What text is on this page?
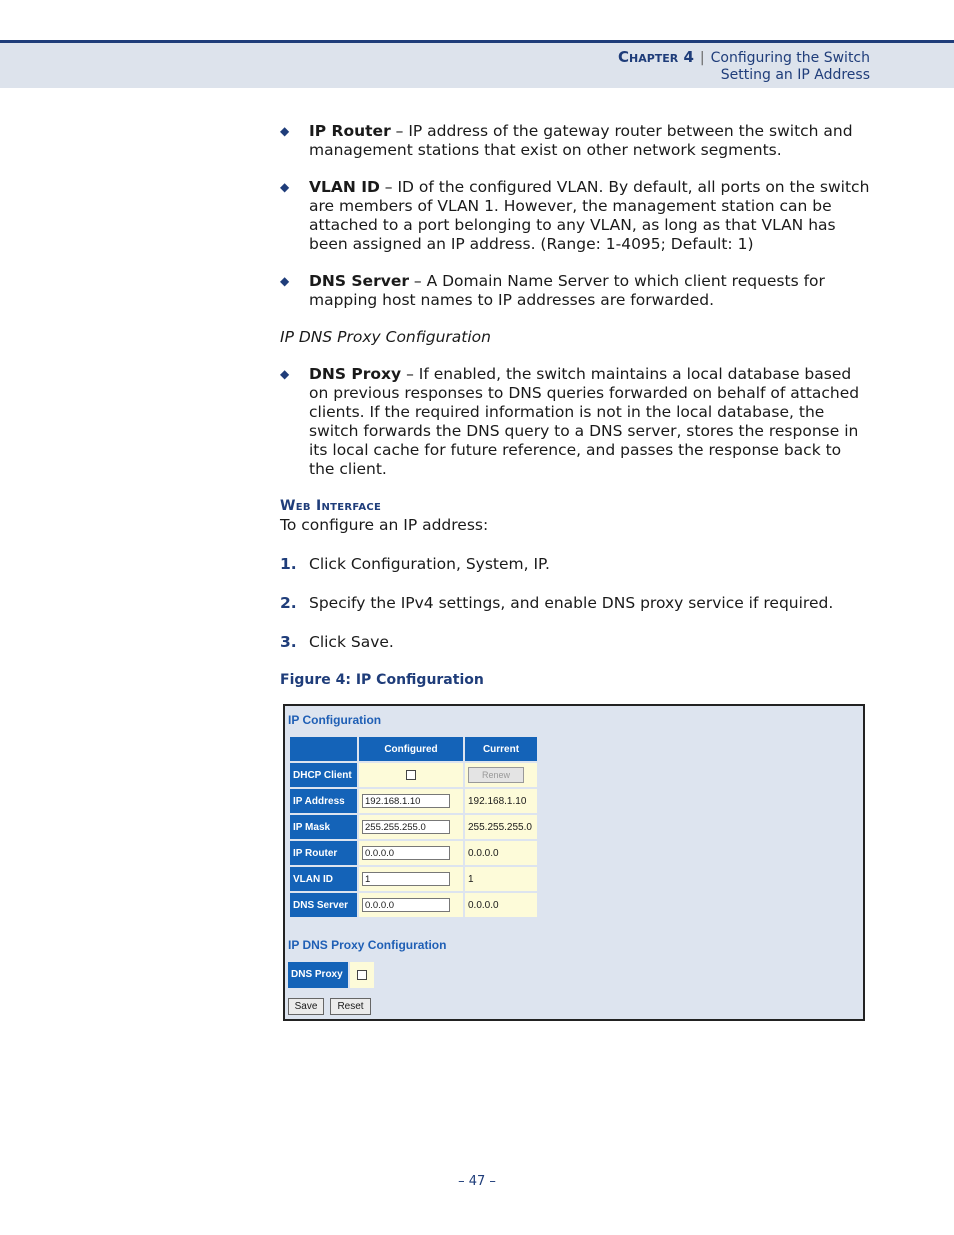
Chapter 4 | Configuring the Switch
Setting an IP Address
◆ IP Router – IP address of the gateway router between the switch and management stations that exist on other network segments.
◆ VLAN ID – ID of the configured VLAN. By default, all ports on the switch are members of VLAN 1. However, the management station can be attached to a port belonging to any VLAN, as long as that VLAN has been assigned an IP address. (Range: 1-4095; Default: 1)
◆ DNS Server – A Domain Name Server to which client requests for mapping host names to IP addresses are forwarded.
IP DNS Proxy Configuration
◆ DNS Proxy – If enabled, the switch maintains a local database based on previous responses to DNS queries forwarded on behalf of attached clients. If the required information is not in the local database, the switch forwards the DNS query to a DNS server, stores the response in its local cache for future reference, and passes the response back to the client.
Web Interface
To configure an IP address:
1. Click Configuration, System, IP.
2. Specify the IPv4 settings, and enable DNS proxy service if required.
3. Click Save.
Figure 4: IP Configuration
IP Configuration
	Configured	Current
DHCP Client		Renew
IP Address	192.168.1.10	192.168.1.10
IP Mask	255.255.255.0	255.255.255.0
IP Router	0.0.0.0	0.0.0.0
VLAN ID	1	1
DNS Server	0.0.0.0	0.0.0.0
IP DNS Proxy Configuration
DNS Proxy
Save	Reset
– 47 –
